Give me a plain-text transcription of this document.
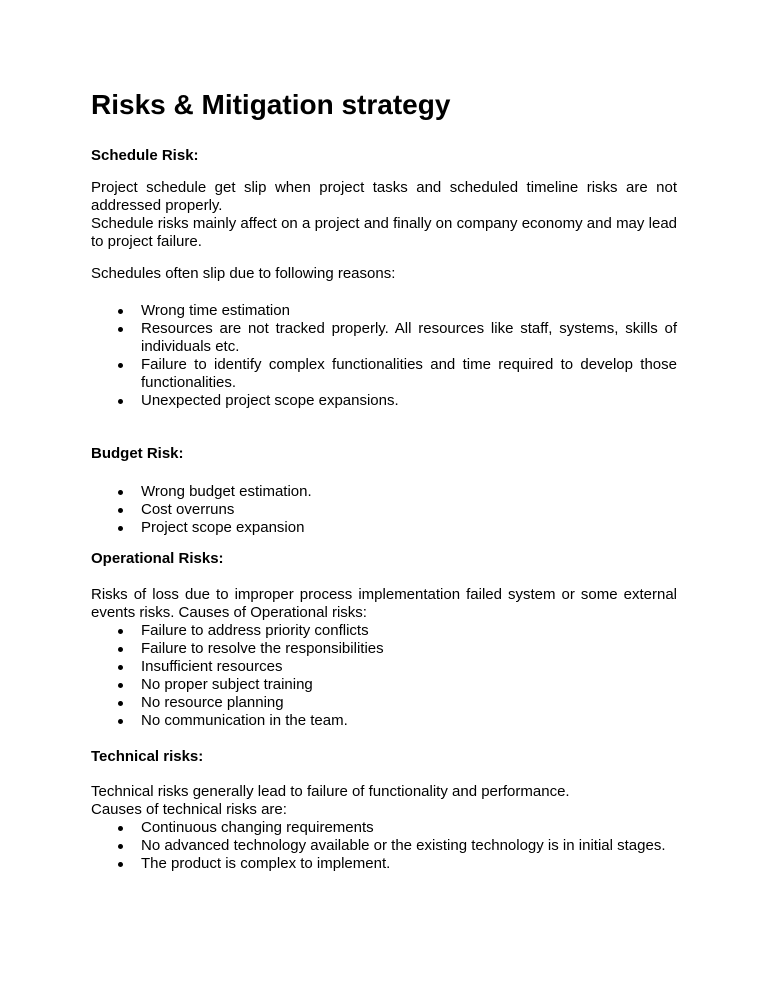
Risks & Mitigation strategy
Schedule Risk:

Project schedule get slip when project tasks and scheduled timeline risks are not addressed properly.

Schedule risks mainly affect on a project and finally on company economy and may lead to project failure.

Schedules often slip due to following reasons:

Wrong time estimation
Resources are not tracked properly. All resources like staff, systems, skills of individuals etc.
Failure to identify complex functionalities and time required to develop those functionalities.
Unexpected project scope expansions.
Budget Risk:
Wrong budget estimation.
Cost overruns
Project scope expansion
Operational Risks:

Risks of loss due to improper process implementation failed system or some external events risks. Causes of Operational risks:

Failure to address priority conflicts
Failure to resolve the responsibilities
Insufficient resources
No proper subject training
No resource planning
No communication in the team.
Technical risks:

Technical risks generally lead to failure of functionality and performance.

Causes of technical risks are:

Continuous changing requirements
No advanced technology available or the existing technology is in initial stages.
The product is complex to implement.
